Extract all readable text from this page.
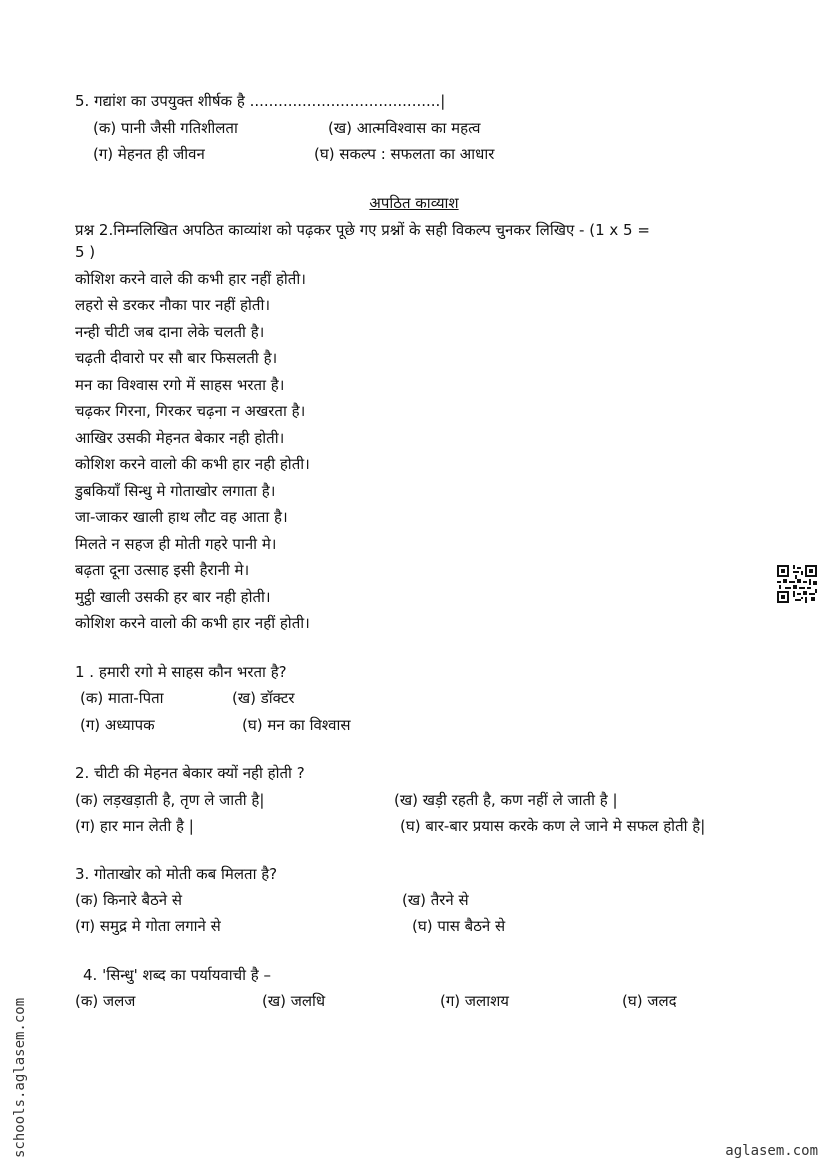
5. गद्यांश का उपयुक्त शीर्षक है ........................................|
(क) पानी जैसी गतिशीलता	(ख) आत्मविश्वास का महत्व
(ग) मेहनत ही जीवन	(घ) सकल्प : सफलता का आधार
अपठित काव्याश
प्रश्न 2.निम्नलिखित अपठित काव्यांश को पढ़कर पूछे गए प्रश्नों के सही विकल्प चुनकर लिखिए - (1 x 5 =
5 )
कोशिश करने वाले की कभी हार नहीं होती।
लहरो से डरकर नौका पार नहीं होती।
नन्ही चीटी जब दाना लेके चलती है।
चढ़ती दीवारो पर सौ बार फिसलती है।
मन का विश्वास रगो में साहस भरता है।
चढ़कर गिरना, गिरकर चढ़ना न अखरता है।
आखिर उसकी मेहनत बेकार नही होती।
कोशिश करने वालो की कभी हार नही होती।
डुबकियाँ सिन्धु मे गोताखोर लगाता है।
जा-जाकर खाली हाथ लौट वह आता है।
मिलते न सहज ही मोती गहरे पानी मे।
बढ़ता दूना उत्साह इसी हैरानी मे।
मुट्ठी खाली उसकी हर बार नही होती।
कोशिश करने वालो की कभी हार नहीं होती।
1 . हमारी रगो मे साहस कौन भरता है?
(क) माता-पिता	(ख) डॉक्टर
(ग) अध्यापक	(घ) मन का विश्वास
2. चीटी की मेहनत बेकार क्यों नही होती ?
(क) लड़खड़ाती है, तृण ले जाती है|	(ख) खड़ी रहती है, कण नहीं ले जाती है |
(ग) हार मान लेती है |	(घ) बार-बार प्रयास करके कण ले जाने मे सफल होती है|
3. गोताखोर को मोती कब मिलता है?
(क) किनारे बैठने से	(ख) तैरने से
(ग) समुद्र मे गोता लगाने से	(घ) पास बैठने से
4. 'सिन्धु' शब्द का पर्यायवाची है –
(क) जलज	(ख) जलधि	(ग) जलाशय	(घ) जलद
schools.aglasem.com	aglasem.com
